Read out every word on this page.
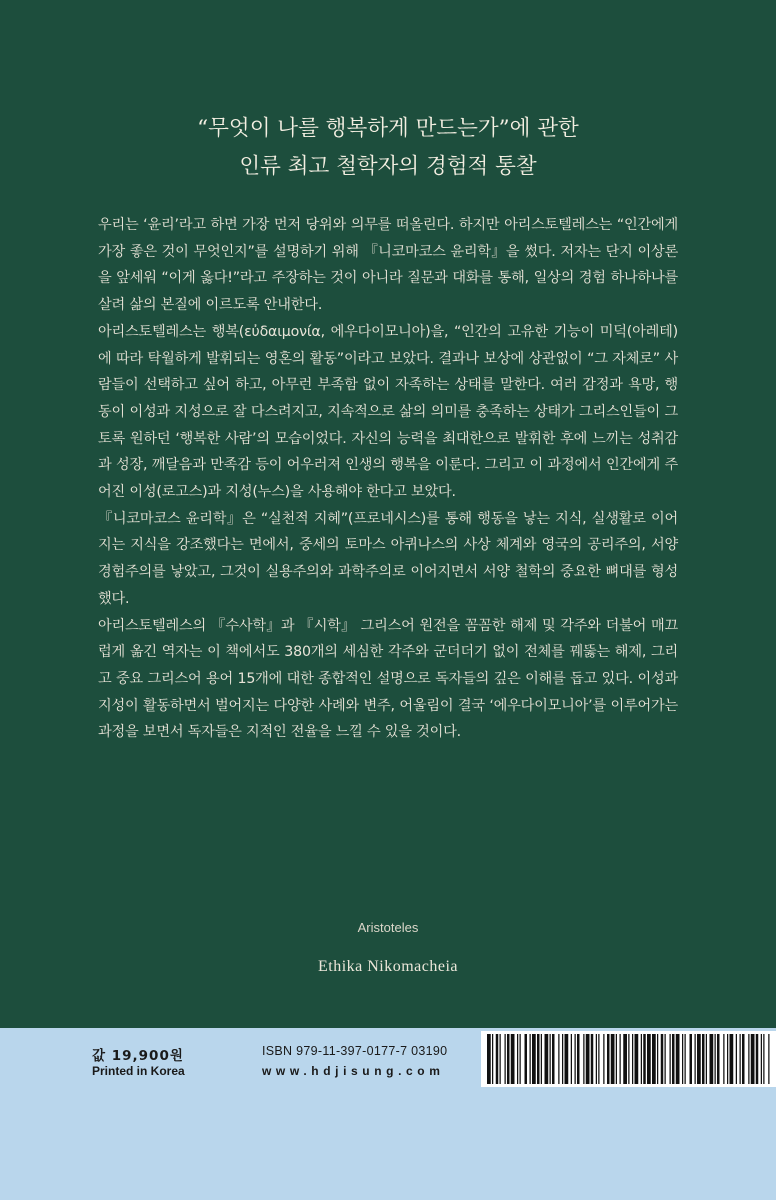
“무엇이 나를 행복하게 만드는가”에 관한
인류 최고 철학자의 경험적 통찰

우리는 ‘윤리’라고 하면 가장 먼저 당위와 의무를 떠올린다. 하지만 아리스토텔레스는 “인간에게 가장 좋은 것이 무엇인지”를 설명하기 위해 『니코마코스 윤리학』을 썼다. 저자는 단지 이상론을 앞세워 “이게 옳다!”라고 주장하는 것이 아니라 질문과 대화를 통해, 일상의 경험 하나하나를 살려 삶의 본질에 이르도록 안내한다.

아리스토텔레스는 행복(εὐδαιμονία, 에우다이모니아)을, “인간의 고유한 기능이 미덕(아레테)에 따라 탁월하게 발휘되는 영혼의 활동”이라고 보았다. 결과나 보상에 상관없이 “그 자체로” 사람들이 선택하고 싶어 하고, 아무런 부족함 없이 자족하는 상태를 말한다. 여러 감정과 욕망, 행동이 이성과 지성으로 잘 다스려지고, 지속적으로 삶의 의미를 충족하는 상태가 그리스인들이 그토록 원하던 ‘행복한 사람’의 모습이었다. 자신의 능력을 최대한으로 발휘한 후에 느끼는 성취감과 성장, 깨달음과 만족감 등이 어우러져 인생의 행복을 이룬다. 그리고 이 과정에서 인간에게 주어진 이성(로고스)과 지성(누스)을 사용해야 한다고 보았다.

『니코마코스 윤리학』은 “실천적 지혜”(프로네시스)를 통해 행동을 낳는 지식, 실생활로 이어지는 지식을 강조했다는 면에서, 중세의 토마스 아퀴나스의 사상 체계와 영국의 공리주의, 서양 경험주의를 낳았고, 그것이 실용주의와 과학주의로 이어지면서 서양 철학의 중요한 뼈대를 형성했다.

아리스토텔레스의 『수사학』과 『시학』 그리스어 원전을 꼼꼼한 해제 및 각주와 더불어 매끄럽게 옮긴 역자는 이 책에서도 380개의 세심한 각주와 군더더기 없이 전체를 꿰뚫는 해제, 그리고 중요 그리스어 용어 15개에 대한 종합적인 설명으로 독자들의 깊은 이해를 돕고 있다. 이성과 지성이 활동하면서 벌어지는 다양한 사례와 변주, 어울림이 결국 ‘에우다이모니아’를 이루어가는 과정을 보면서 독자들은 지적인 전율을 느낄 수 있을 것이다.

Aristoteles
Ethika Nikomacheia
값 19,900원
Printed in Korea
ISBN 979-11-397-0177-7 03190
www.hdjisung.com
